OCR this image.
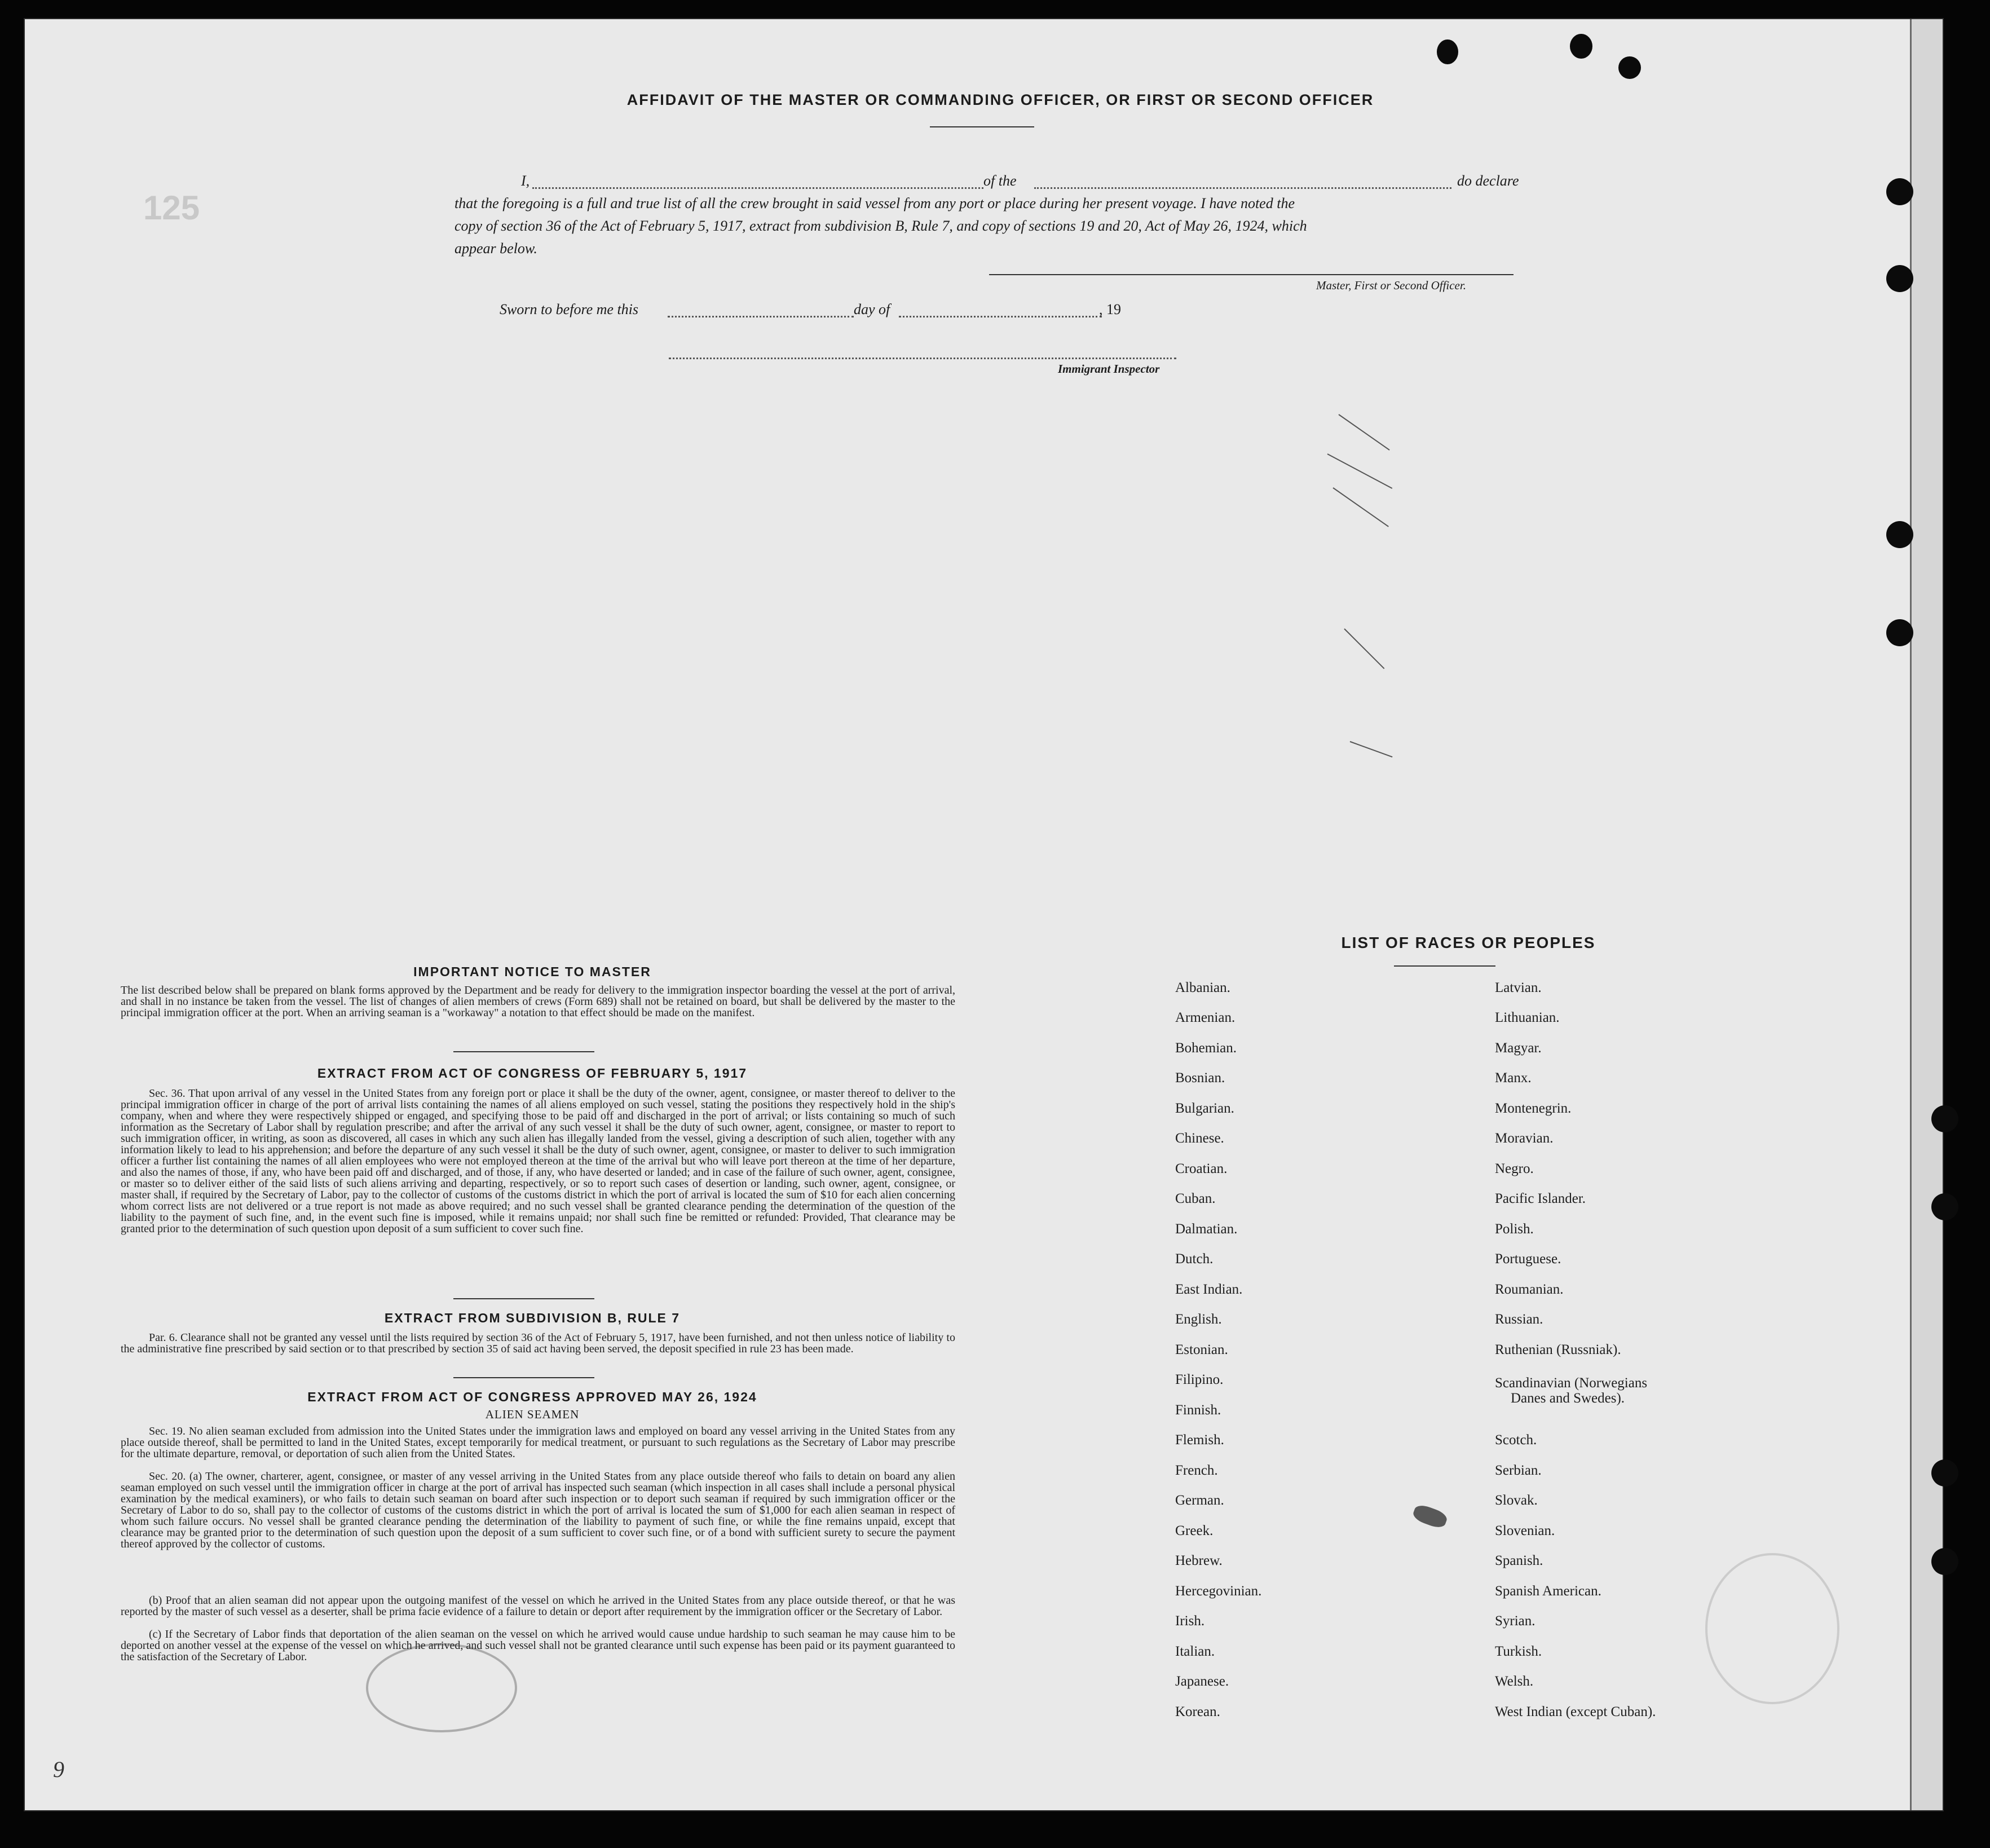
125
AFFIDAVIT OF THE MASTER OR COMMANDING OFFICER, OR FIRST OR SECOND OFFICER
I,	of the	do declare
that the foregoing is a full and true list of all the crew brought in said vessel from any port or place during her present voyage. I have noted the
copy of section 36 of the Act of February 5, 1917, extract from subdivision B, Rule 7, and copy of sections 19 and 20, Act of May 26, 1924, which
appear below.
Master, First or Second Officer.
Sworn to before me this	day of	, 19
Immigrant Inspector
IMPORTANT NOTICE TO MASTER
The list described below shall be prepared on blank forms approved by the Department and be ready for delivery to the immigration inspector boarding the vessel at the port of arrival, and shall in no instance be taken from the vessel. The list of changes of alien members of crews (Form 689) shall not be retained on board, but shall be delivered by the master to the principal immigration officer at the port. When an arriving seaman is a "workaway" a notation to that effect should be made on the manifest.
EXTRACT FROM ACT OF CONGRESS OF FEBRUARY 5, 1917
Sec. 36. That upon arrival of any vessel in the United States from any foreign port or place it shall be the duty of the owner, agent, consignee, or master thereof to deliver to the principal immigration officer in charge of the port of arrival lists containing the names of all aliens employed on such vessel, stating the positions they respectively hold in the ship's company, when and where they were respectively shipped or engaged, and specifying those to be paid off and discharged in the port of arrival; or lists containing so much of such information as the Secretary of Labor shall by regulation prescribe; and after the arrival of any such vessel it shall be the duty of such owner, agent, consignee, or master to report to such immigration officer, in writing, as soon as discovered, all cases in which any such alien has illegally landed from the vessel, giving a description of such alien, together with any information likely to lead to his apprehension; and before the departure of any such vessel it shall be the duty of such owner, agent, consignee, or master to deliver to such immigration officer a further list containing the names of all alien employees who were not employed thereon at the time of the arrival but who will leave port thereon at the time of her departure, and also the names of those, if any, who have been paid off and discharged, and of those, if any, who have deserted or landed; and in case of the failure of such owner, agent, consignee, or master so to deliver either of the said lists of such aliens arriving and departing, respectively, or so to report such cases of desertion or landing, such owner, agent, consignee, or master shall, if required by the Secretary of Labor, pay to the collector of customs of the customs district in which the port of arrival is located the sum of $10 for each alien concerning whom correct lists are not delivered or a true report is not made as above required; and no such vessel shall be granted clearance pending the determination of the question of the liability to the payment of such fine, and, in the event such fine is imposed, while it remains unpaid; nor shall such fine be remitted or refunded: Provided, That clearance may be granted prior to the determination of such question upon deposit of a sum sufficient to cover such fine.
EXTRACT FROM SUBDIVISION B, RULE 7
Par. 6. Clearance shall not be granted any vessel until the lists required by section 36 of the Act of February 5, 1917, have been furnished, and not then unless notice of liability to the administrative fine prescribed by said section or to that prescribed by section 35 of said act having been served, the deposit specified in rule 23 has been made.
EXTRACT FROM ACT OF CONGRESS APPROVED MAY 26, 1924
ALIEN SEAMEN
Sec. 19. No alien seaman excluded from admission into the United States under the immigration laws and employed on board any vessel arriving in the United States from any place outside thereof, shall be permitted to land in the United States, except temporarily for medical treatment, or pursuant to such regulations as the Secretary of Labor may prescribe for the ultimate departure, removal, or deportation of such alien from the United States.
Sec. 20. (a) The owner, charterer, agent, consignee, or master of any vessel arriving in the United States from any place outside thereof who fails to detain on board any alien seaman employed on such vessel until the immigration officer in charge at the port of arrival has inspected such seaman (which inspection in all cases shall include a personal physical examination by the medical examiners), or who fails to detain such seaman on board after such inspection or to deport such seaman if required by such immigration officer or the Secretary of Labor to do so, shall pay to the collector of customs of the customs district in which the port of arrival is located the sum of $1,000 for each alien seaman in respect of whom such failure occurs. No vessel shall be granted clearance pending the determination of the liability to payment of such fine, or while the fine remains unpaid, except that clearance may be granted prior to the determination of such question upon the deposit of a sum sufficient to cover such fine, or of a bond with sufficient surety to secure the payment thereof approved by the collector of customs.
(b) Proof that an alien seaman did not appear upon the outgoing manifest of the vessel on which he arrived in the United States from any place outside thereof, or that he was reported by the master of such vessel as a deserter, shall be prima facie evidence of a failure to detain or deport after requirement by the immigration officer or the Secretary of Labor.
(c) If the Secretary of Labor finds that deportation of the alien seaman on the vessel on which he arrived would cause undue hardship to such seaman he may cause him to be deported on another vessel at the expense of the vessel on which he arrived, and such vessel shall not be granted clearance until such expense has been paid or its payment guaranteed to the satisfaction of the Secretary of Labor.
LIST OF RACES OR PEOPLES
Albanian.
Armenian.
Bohemian.
Bosnian.
Bulgarian.
Chinese.
Croatian.
Cuban.
Dalmatian.
Dutch.
East Indian.
English.
Estonian.
Filipino.
Finnish.
Flemish.
French.
German.
Greek.
Hebrew.
Hercegovinian.
Irish.
Italian.
Japanese.
Korean.
Latvian.
Lithuanian.
Magyar.
Manx.
Montenegrin.
Moravian.
Negro.
Pacific Islander.
Polish.
Portuguese.
Roumanian.
Russian.
Ruthenian (Russniak).
Scandinavian (Norwegians
Danes and Swedes).
Scotch.
Serbian.
Slovak.
Slovenian.
Spanish.
Spanish American.
Syrian.
Turkish.
Welsh.
West Indian (except Cuban).
9
